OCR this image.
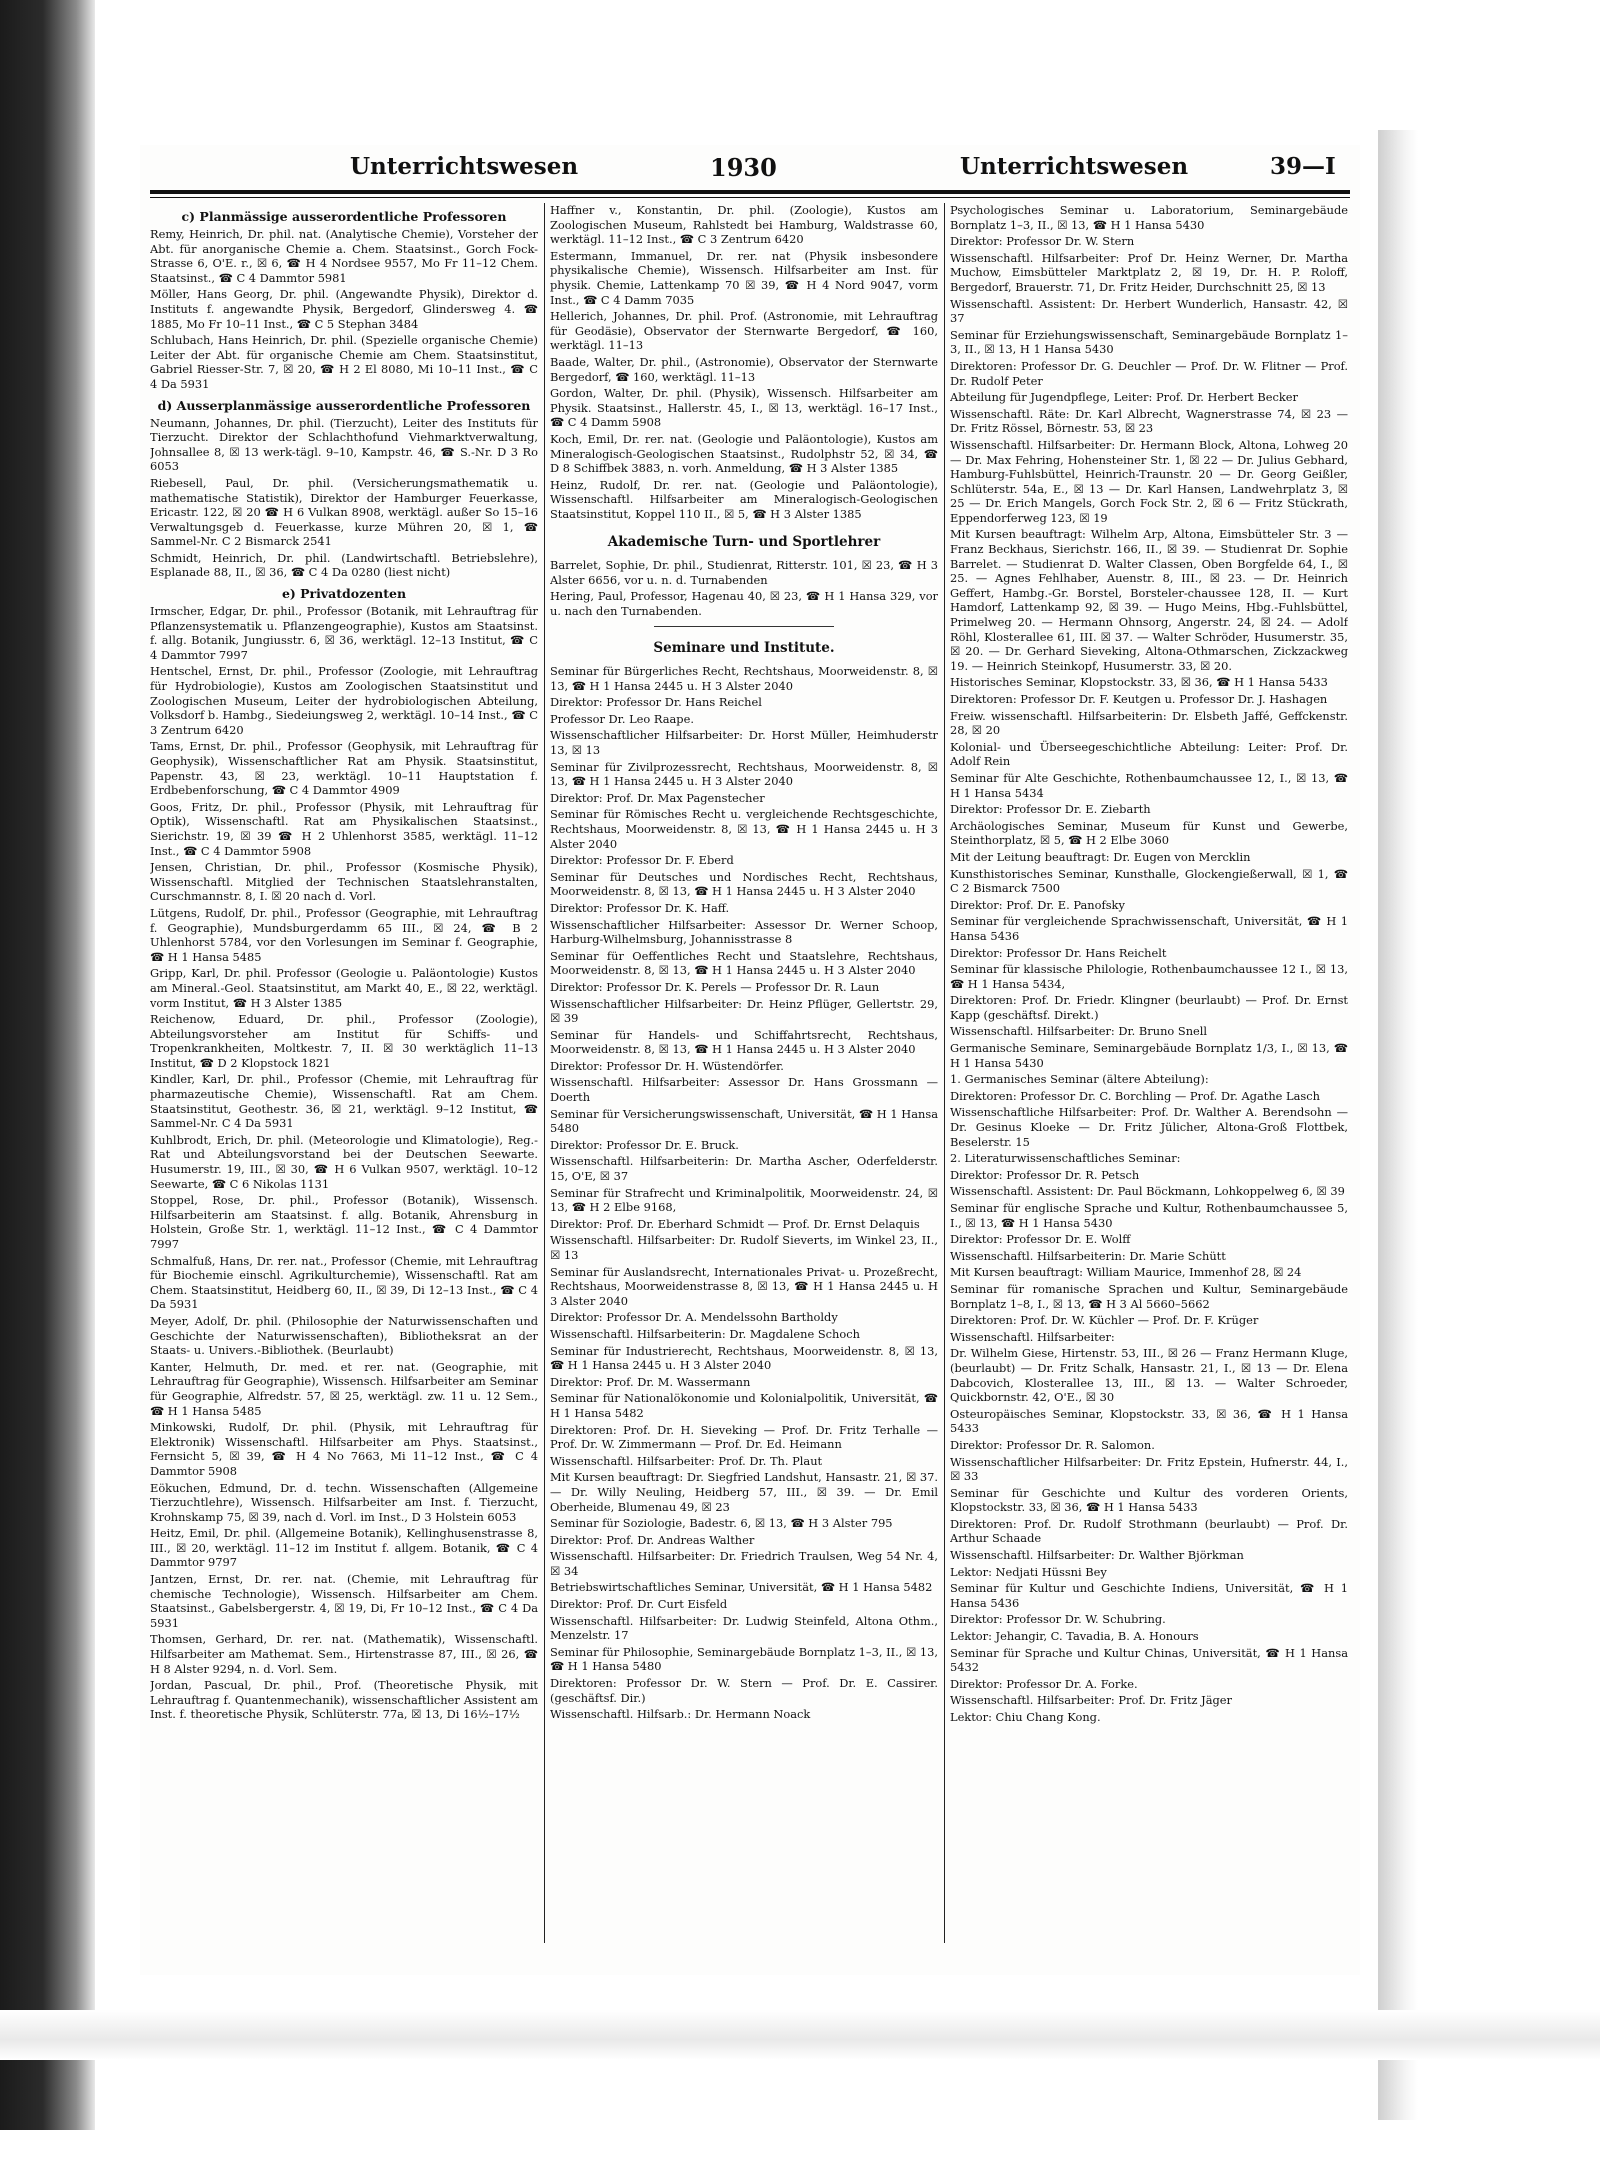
Unterrichtswesen	1930	Unterrichtswesen	39—I
c) Planmässige ausserordentliche Professoren
Remy, Heinrich, Dr. phil. nat. (Analytische Chemie), Vorsteher der Abt. für anorganische Chemie a. Chem. Staatsinst., Gorch Fock-Strasse 6, O'E. r., ☒ 6, ☎ H 4 Nordsee 9557, Mo Fr 11–12 Chem. Staatsinst., ☎ C 4 Dammtor 5981
Möller, Hans Georg, Dr. phil. (Angewandte Physik), Direktor d. Instituts f. angewandte Physik, Bergedorf, Glindersweg 4. ☎ 1885, Mo Fr 10–11 Inst., ☎ C 5 Stephan 3484
Schlubach, Hans Heinrich, Dr. phil. (Spezielle organische Chemie) Leiter der Abt. für organische Chemie am Chem. Staatsinstitut, Gabriel Riesser-Str. 7, ☒ 20, ☎ H 2 El 8080, Mi 10–11 Inst., ☎ C 4 Da 5931
d) Ausserplanmässige ausserordentliche Professoren
Neumann, Johannes, Dr. phil. (Tierzucht), Leiter des Instituts für Tierzucht. Direktor der Schlachthofund Viehmarktverwaltung, Johnsallee 8, ☒ 13 werk-tägl. 9–10, Kampstr. 46, ☎ S.-Nr. D 3 Ro 6053
Riebesell, Paul, Dr. phil. (Versicherungsmathematik u. mathematische Statistik), Direktor der Hamburger Feuerkasse, Ericastr. 122, ☒ 20 ☎ H 6 Vulkan 8908, werktägl. außer So 15–16 Verwaltungsgeb d. Feuerkasse, kurze Mühren 20, ☒ 1, ☎ Sammel-Nr. C 2 Bismarck 2541
Schmidt, Heinrich, Dr. phil. (Landwirtschaftl. Betriebslehre), Esplanade 88, II., ☒ 36, ☎ C 4 Da 0280 (liest nicht)
e) Privatdozenten
Irmscher, Edgar, Dr. phil., Professor (Botanik, mit Lehrauftrag für Pflanzensystematik u. Pflanzengeographie), Kustos am Staatsinst. f. allg. Botanik, Jungiusstr. 6, ☒ 36, werktägl. 12–13 Institut, ☎ C 4 Dammtor 7997
Hentschel, Ernst, Dr. phil., Professor (Zoologie, mit Lehrauftrag für Hydrobiologie), Kustos am Zoologischen Staatsinstitut und Zoologischen Museum, Leiter der hydrobiologischen Abteilung, Volksdorf b. Hambg., Siedeiungsweg 2, werktägl. 10–14 Inst., ☎ C 3 Zentrum 6420
Tams, Ernst, Dr. phil., Professor (Geophysik, mit Lehrauftrag für Geophysik), Wissenschaftlicher Rat am Physik. Staatsinstitut, Papenstr. 43, ☒ 23, werktägl. 10–11 Hauptstation f. Erdbebenforschung, ☎ C 4 Dammtor 4909
Goos, Fritz, Dr. phil., Professor (Physik, mit Lehrauftrag für Optik), Wissenschaftl. Rat am Physikalischen Staatsinst., Sierichstr. 19, ☒ 39 ☎ H 2 Uhlenhorst 3585, werktägl. 11–12 Inst., ☎ C 4 Dammtor 5908
Jensen, Christian, Dr. phil., Professor (Kosmische Physik), Wissenschaftl. Mitglied der Technischen Staatslehranstalten, Curschmannstr. 8, I. ☒ 20 nach d. Vorl.
Lütgens, Rudolf, Dr. phil., Professor (Geographie, mit Lehrauftrag f. Geographie), Mundsburgerdamm 65 III., ☒ 24, ☎ B 2 Uhlenhorst 5784, vor den Vorlesungen im Seminar f. Geographie, ☎ H 1 Hansa 5485
Gripp, Karl, Dr. phil. Professor (Geologie u. Paläontologie) Kustos am Mineral.-Geol. Staatsinstitut, am Markt 40, E., ☒ 22, werktägl. vorm Institut, ☎ H 3 Alster 1385
Reichenow, Eduard, Dr. phil., Professor (Zoologie), Abteilungsvorsteher am Institut für Schiffs- und Tropenkrankheiten, Moltkestr. 7, II. ☒ 30 werktäglich 11–13 Institut, ☎ D 2 Klopstock 1821
Kindler, Karl, Dr. phil., Professor (Chemie, mit Lehrauftrag für pharmazeutische Chemie), Wissenschaftl. Rat am Chem. Staatsinstitut, Geothestr. 36, ☒ 21, werktägl. 9–12 Institut, ☎ Sammel-Nr. C 4 Da 5931
Kuhlbrodt, Erich, Dr. phil. (Meteorologie und Klimatologie), Reg.-Rat und Abteilungsvorstand bei der Deutschen Seewarte. Husumerstr. 19, III., ☒ 30, ☎ H 6 Vulkan 9507, werktägl. 10–12 Seewarte, ☎ C 6 Nikolas 1131
Stoppel, Rose, Dr. phil., Professor (Botanik), Wissensch. Hilfsarbeiterin am Staatsinst. f. allg. Botanik, Ahrensburg in Holstein, Große Str. 1, werktägl. 11–12 Inst., ☎ C 4 Dammtor 7997
Schmalfuß, Hans, Dr. rer. nat., Professor (Chemie, mit Lehrauftrag für Biochemie einschl. Agrikulturchemie), Wissenschaftl. Rat am Chem. Staatsinstitut, Heidberg 60, II., ☒ 39, Di 12–13 Inst., ☎ C 4 Da 5931
Meyer, Adolf, Dr. phil. (Philosophie der Naturwissenschaften und Geschichte der Naturwissenschaften), Bibliotheksrat an der Staats- u. Univers.-Bibliothek. (Beurlaubt)
Kanter, Helmuth, Dr. med. et rer. nat. (Geographie, mit Lehrauftrag für Geographie), Wissensch. Hilfsarbeiter am Seminar für Geographie, Alfredstr. 57, ☒ 25, werktägl. zw. 11 u. 12 Sem., ☎ H 1 Hansa 5485
Minkowski, Rudolf, Dr. phil. (Physik, mit Lehrauftrag für Elektronik) Wissenschaftl. Hilfsarbeiter am Phys. Staatsinst., Fernsicht 5, ☒ 39, ☎ H 4 No 7663, Mi 11–12 Inst., ☎ C 4 Dammtor 5908
Eökuchen, Edmund, Dr. d. techn. Wissenschaften (Allgemeine Tierzuchtlehre), Wissensch. Hilfsarbeiter am Inst. f. Tierzucht, Krohnskamp 75, ☒ 39, nach d. Vorl. im Inst., D 3 Holstein 6053
Heitz, Emil, Dr. phil. (Allgemeine Botanik), Kellinghusenstrasse 8, III., ☒ 20, werktägl. 11–12 im Institut f. allgem. Botanik, ☎ C 4 Dammtor 9797
Jantzen, Ernst, Dr. rer. nat. (Chemie, mit Lehrauftrag für chemische Technologie), Wissensch. Hilfsarbeiter am Chem. Staatsinst., Gabelsbergerstr. 4, ☒ 19, Di, Fr 10–12 Inst., ☎ C 4 Da 5931
Thomsen, Gerhard, Dr. rer. nat. (Mathematik), Wissenschaftl. Hilfsarbeiter am Mathemat. Sem., Hirtenstrasse 87, III., ☒ 26, ☎ H 8 Alster 9294, n. d. Vorl. Sem.
Jordan, Pascual, Dr. phil., Prof. (Theoretische Physik, mit Lehrauftrag f. Quantenmechanik), wissenschaftlicher Assistent am Inst. f. theoretische Physik, Schlüterstr. 77a, ☒ 13, Di 16½–17½
Haffner v., Konstantin, Dr. phil. (Zoologie), Kustos am Zoologischen Museum, Rahlstedt bei Hamburg, Waldstrasse 60, werktägl. 11–12 Inst., ☎ C 3 Zentrum 6420
Estermann, Immanuel, Dr. rer. nat (Physik insbesondere physikalische Chemie), Wissensch. Hilfsarbeiter am Inst. für physik. Chemie, Lattenkamp 70 ☒ 39, ☎ H 4 Nord 9047, vorm Inst., ☎ C 4 Damm 7035
Hellerich, Johannes, Dr. phil. Prof. (Astronomie, mit Lehrauftrag für Geodäsie), Observator der Sternwarte Bergedorf, ☎ 160, werktägl. 11–13
Baade, Walter, Dr. phil., (Astronomie), Observator der Sternwarte Bergedorf, ☎ 160, werktägl. 11–13
Gordon, Walter, Dr. phil. (Physik), Wissensch. Hilfsarbeiter am Physik. Staatsinst., Hallerstr. 45, I., ☒ 13, werktägl. 16–17 Inst., ☎ C 4 Damm 5908
Koch, Emil, Dr. rer. nat. (Geologie und Paläontologie), Kustos am Mineralogisch-Geologischen Staatsinst., Rudolphstr 52, ☒ 34, ☎ D 8 Schiffbek 3883, n. vorh. Anmeldung, ☎ H 3 Alster 1385
Heinz, Rudolf, Dr. rer. nat. (Geologie und Paläontologie), Wissenschaftl. Hilfsarbeiter am Mineralogisch-Geologischen Staatsinstitut, Koppel 110 II., ☒ 5, ☎ H 3 Alster 1385
Akademische Turn- und Sportlehrer
Barrelet, Sophie, Dr. phil., Studienrat, Ritterstr. 101, ☒ 23, ☎ H 3 Alster 6656, vor u. n. d. Turnabenden
Hering, Paul, Professor, Hagenau 40, ☒ 23, ☎ H 1 Hansa 329, vor u. nach den Turnabenden.
Seminare und Institute.
Seminar für Bürgerliches Recht, Rechtshaus, Moorweidenstr. 8, ☒ 13, ☎ H 1 Hansa 2445 u. H 3 Alster 2040
Direktor: Professor Dr. Hans Reichel
Professor Dr. Leo Raape.
Wissenschaftlicher Hilfsarbeiter: Dr. Horst Müller, Heimhuderstr 13, ☒ 13
Seminar für Zivilprozessrecht, Rechtshaus, Moorweidenstr. 8, ☒ 13, ☎ H 1 Hansa 2445 u. H 3 Alster 2040
Direktor: Prof. Dr. Max Pagenstecher
Seminar für Römisches Recht u. vergleichende Rechtsgeschichte, Rechtshaus, Moorweidenstr. 8, ☒ 13, ☎ H 1 Hansa 2445 u. H 3 Alster 2040
Direktor: Professor Dr. F. Eberd
Seminar für Deutsches und Nordisches Recht, Rechtshaus, Moorweidenstr. 8, ☒ 13, ☎ H 1 Hansa 2445 u. H 3 Alster 2040
Direktor: Professor Dr. K. Haff.
Wissenschaftlicher Hilfsarbeiter: Assessor Dr. Werner Schoop, Harburg-Wilhelmsburg, Johannisstrasse 8
Seminar für Oeffentliches Recht und Staatslehre, Rechtshaus, Moorweidenstr. 8, ☒ 13, ☎ H 1 Hansa 2445 u. H 3 Alster 2040
Direktor: Professor Dr. K. Perels — Professor Dr. R. Laun
Wissenschaftlicher Hilfsarbeiter: Dr. Heinz Pflüger, Gellertstr. 29, ☒ 39
Seminar für Handels- und Schiffahrtsrecht, Rechtshaus, Moorweidenstr. 8, ☒ 13, ☎ H 1 Hansa 2445 u. H 3 Alster 2040
Direktor: Professor Dr. H. Wüstendörfer.
Wissenschaftl. Hilfsarbeiter: Assessor Dr. Hans Grossmann — Doerth
Seminar für Versicherungswissenschaft, Universität, ☎ H 1 Hansa 5480
Direktor: Professor Dr. E. Bruck.
Wissenschaftl. Hilfsarbeiterin: Dr. Martha Ascher, Oderfelderstr. 15, O'E, ☒ 37
Seminar für Strafrecht und Kriminalpolitik, Moorweidenstr. 24, ☒ 13, ☎ H 2 Elbe 9168,
Direktor: Prof. Dr. Eberhard Schmidt — Prof. Dr. Ernst Delaquis
Wissenschaftl. Hilfsarbeiter: Dr. Rudolf Sieverts, im Winkel 23, II., ☒ 13
Seminar für Auslandsrecht, Internationales Privat- u. Prozeßrecht, Rechtshaus, Moorweidenstrasse 8, ☒ 13, ☎ H 1 Hansa 2445 u. H 3 Alster 2040
Direktor: Professor Dr. A. Mendelssohn Bartholdy
Wissenschaftl. Hilfsarbeiterin: Dr. Magdalene Schoch
Seminar für Industrierecht, Rechtshaus, Moorweidenstr. 8, ☒ 13, ☎ H 1 Hansa 2445 u. H 3 Alster 2040
Direktor: Prof. Dr. M. Wassermann
Seminar für Nationalökonomie und Kolonialpolitik, Universität, ☎ H 1 Hansa 5482
Direktoren: Prof. Dr. H. Sieveking — Prof. Dr. Fritz Terhalle — Prof. Dr. W. Zimmermann — Prof. Dr. Ed. Heimann
Wissenschaftl. Hilfsarbeiter: Prof. Dr. Th. Plaut
Mit Kursen beauftragt: Dr. Siegfried Landshut, Hansastr. 21, ☒ 37. — Dr. Willy Neuling, Heidberg 57, III., ☒ 39. — Dr. Emil Oberheide, Blumenau 49, ☒ 23
Seminar für Soziologie, Badestr. 6, ☒ 13, ☎ H 3 Alster 795
Direktor: Prof. Dr. Andreas Walther
Wissenschaftl. Hilfsarbeiter: Dr. Friedrich Traulsen, Weg 54 Nr. 4, ☒ 34
Betriebswirtschaftliches Seminar, Universität, ☎ H 1 Hansa 5482
Direktor: Prof. Dr. Curt Eisfeld
Wissenschaftl. Hilfsarbeiter: Dr. Ludwig Steinfeld, Altona Othm., Menzelstr. 17
Seminar für Philosophie, Seminargebäude Bornplatz 1–3, II., ☒ 13, ☎ H 1 Hansa 5480
Direktoren: Professor Dr. W. Stern — Prof. Dr. E. Cassirer. (geschäftsf. Dir.)
Wissenschaftl. Hilfsarb.: Dr. Hermann Noack
Psychologisches Seminar u. Laboratorium, Seminargebäude Bornplatz 1–3, II., ☒ 13, ☎ H 1 Hansa 5430
Direktor: Professor Dr. W. Stern
Wissenschaftl. Hilfsarbeiter: Prof Dr. Heinz Werner, Dr. Martha Muchow, Eimsbütteler Marktplatz 2, ☒ 19, Dr. H. P. Roloff, Bergedorf, Brauerstr. 71, Dr. Fritz Heider, Durchschnitt 25, ☒ 13
Wissenschaftl. Assistent: Dr. Herbert Wunderlich, Hansastr. 42, ☒ 37
Seminar für Erziehungswissenschaft, Seminargebäude Bornplatz 1–3, II., ☒ 13, H 1 Hansa 5430
Direktoren: Professor Dr. G. Deuchler — Prof. Dr. W. Flitner — Prof. Dr. Rudolf Peter
Abteilung für Jugendpflege, Leiter: Prof. Dr. Herbert Becker
Wissenschaftl. Räte: Dr. Karl Albrecht, Wagnerstrasse 74, ☒ 23 — Dr. Fritz Rössel, Börnestr. 53, ☒ 23
Wissenschaftl. Hilfsarbeiter: Dr. Hermann Block, Altona, Lohweg 20 — Dr. Max Fehring, Hohensteiner Str. 1, ☒ 22 — Dr. Julius Gebhard, Hamburg-Fuhlsbüttel, Heinrich-Traunstr. 20 — Dr. Georg Geißler, Schlüterstr. 54a, E., ☒ 13 — Dr. Karl Hansen, Landwehrplatz 3, ☒ 25 — Dr. Erich Mangels, Gorch Fock Str. 2, ☒ 6 — Fritz Stückrath, Eppendorferweg 123, ☒ 19
Mit Kursen beauftragt: Wilhelm Arp, Altona, Eimsbütteler Str. 3 — Franz Beckhaus, Sierichstr. 166, II., ☒ 39. — Studienrat Dr. Sophie Barrelet. — Studienrat D. Walter Classen, Oben Borgfelde 64, I., ☒ 25. — Agnes Fehlhaber, Auenstr. 8, III., ☒ 23. — Dr. Heinrich Geffert, Hambg.-Gr. Borstel, Borsteler-chaussee 128, II. — Kurt Hamdorf, Lattenkamp 92, ☒ 39. — Hugo Meins, Hbg.-Fuhlsbüttel, Primelweg 20. — Hermann Ohnsorg, Angerstr. 24, ☒ 24. — Adolf Röhl, Klosterallee 61, III. ☒ 37. — Walter Schröder, Husumerstr. 35, ☒ 20. — Dr. Gerhard Sieveking, Altona-Othmarschen, Zickzackweg 19. — Heinrich Steinkopf, Husumerstr. 33, ☒ 20.
Historisches Seminar, Klopstockstr. 33, ☒ 36, ☎ H 1 Hansa 5433
Direktoren: Professor Dr. F. Keutgen u. Professor Dr. J. Hashagen
Freiw. wissenschaftl. Hilfsarbeiterin: Dr. Elsbeth Jaffé, Geffckenstr. 28, ☒ 20
Kolonial- und Überseegeschichtliche Abteilung: Leiter: Prof. Dr. Adolf Rein
Seminar für Alte Geschichte, Rothenbaumchaussee 12, I., ☒ 13, ☎ H 1 Hansa 5434
Direktor: Professor Dr. E. Ziebarth
Archäologisches Seminar, Museum für Kunst und Gewerbe, Steinthorplatz, ☒ 5, ☎ H 2 Elbe 3060
Mit der Leitung beauftragt: Dr. Eugen von Mercklin
Kunsthistorisches Seminar, Kunsthalle, Glockengießerwall, ☒ 1, ☎ C 2 Bismarck 7500
Direktor: Prof. Dr. E. Panofsky
Seminar für vergleichende Sprachwissenschaft, Universität, ☎ H 1 Hansa 5436
Direktor: Professor Dr. Hans Reichelt
Seminar für klassische Philologie, Rothenbaumchaussee 12 I., ☒ 13, ☎ H 1 Hansa 5434,
Direktoren: Prof. Dr. Friedr. Klingner (beurlaubt) — Prof. Dr. Ernst Kapp (geschäftsf. Direkt.)
Wissenschaftl. Hilfsarbeiter: Dr. Bruno Snell
Germanische Seminare, Seminargebäude Bornplatz 1/3, I., ☒ 13, ☎ H 1 Hansa 5430
1. Germanisches Seminar (ältere Abteilung):
Direktoren: Professor Dr. C. Borchling — Prof. Dr. Agathe Lasch
Wissenschaftliche Hilfsarbeiter: Prof. Dr. Walther A. Berendsohn — Dr. Gesinus Kloeke — Dr. Fritz Jülicher, Altona-Groß Flottbek, Beselerstr. 15
2. Literaturwissenschaftliches Seminar:
Direktor: Professor Dr. R. Petsch
Wissenschaftl. Assistent: Dr. Paul Böckmann, Lohkoppelweg 6, ☒ 39
Seminar für englische Sprache und Kultur, Rothenbaumchaussee 5, I., ☒ 13, ☎ H 1 Hansa 5430
Direktor: Professor Dr. E. Wolff
Wissenschaftl. Hilfsarbeiterin: Dr. Marie Schütt
Mit Kursen beauftragt: William Maurice, Immenhof 28, ☒ 24
Seminar für romanische Sprachen und Kultur, Seminargebäude Bornplatz 1–8, I., ☒ 13, ☎ H 3 Al 5660–5662
Direktoren: Prof. Dr. W. Küchler — Prof. Dr. F. Krüger
Wissenschaftl. Hilfsarbeiter:
Dr. Wilhelm Giese, Hirtenstr. 53, III., ☒ 26 — Franz Hermann Kluge, (beurlaubt) — Dr. Fritz Schalk, Hansastr. 21, I., ☒ 13 — Dr. Elena Dabcovich, Klosterallee 13, III., ☒ 13. — Walter Schroeder, Quickbornstr. 42, O'E., ☒ 30
Osteuropäisches Seminar, Klopstockstr. 33, ☒ 36, ☎ H 1 Hansa 5433
Direktor: Professor Dr. R. Salomon.
Wissenschaftlicher Hilfsarbeiter: Dr. Fritz Epstein, Hufnerstr. 44, I., ☒ 33
Seminar für Geschichte und Kultur des vorderen Orients, Klopstockstr. 33, ☒ 36, ☎ H 1 Hansa 5433
Direktoren: Prof. Dr. Rudolf Strothmann (beurlaubt) — Prof. Dr. Arthur Schaade
Wissenschaftl. Hilfsarbeiter: Dr. Walther Björkman
Lektor: Nedjati Hüssni Bey
Seminar für Kultur und Geschichte Indiens, Universität, ☎ H 1 Hansa 5436
Direktor: Professor Dr. W. Schubring.
Lektor: Jehangir, C. Tavadia, B. A. Honours
Seminar für Sprache und Kultur Chinas, Universität, ☎ H 1 Hansa 5432
Direktor: Professor Dr. A. Forke.
Wissenschaftl. Hilfsarbeiter: Prof. Dr. Fritz Jäger
Lektor: Chiu Chang Kong.
